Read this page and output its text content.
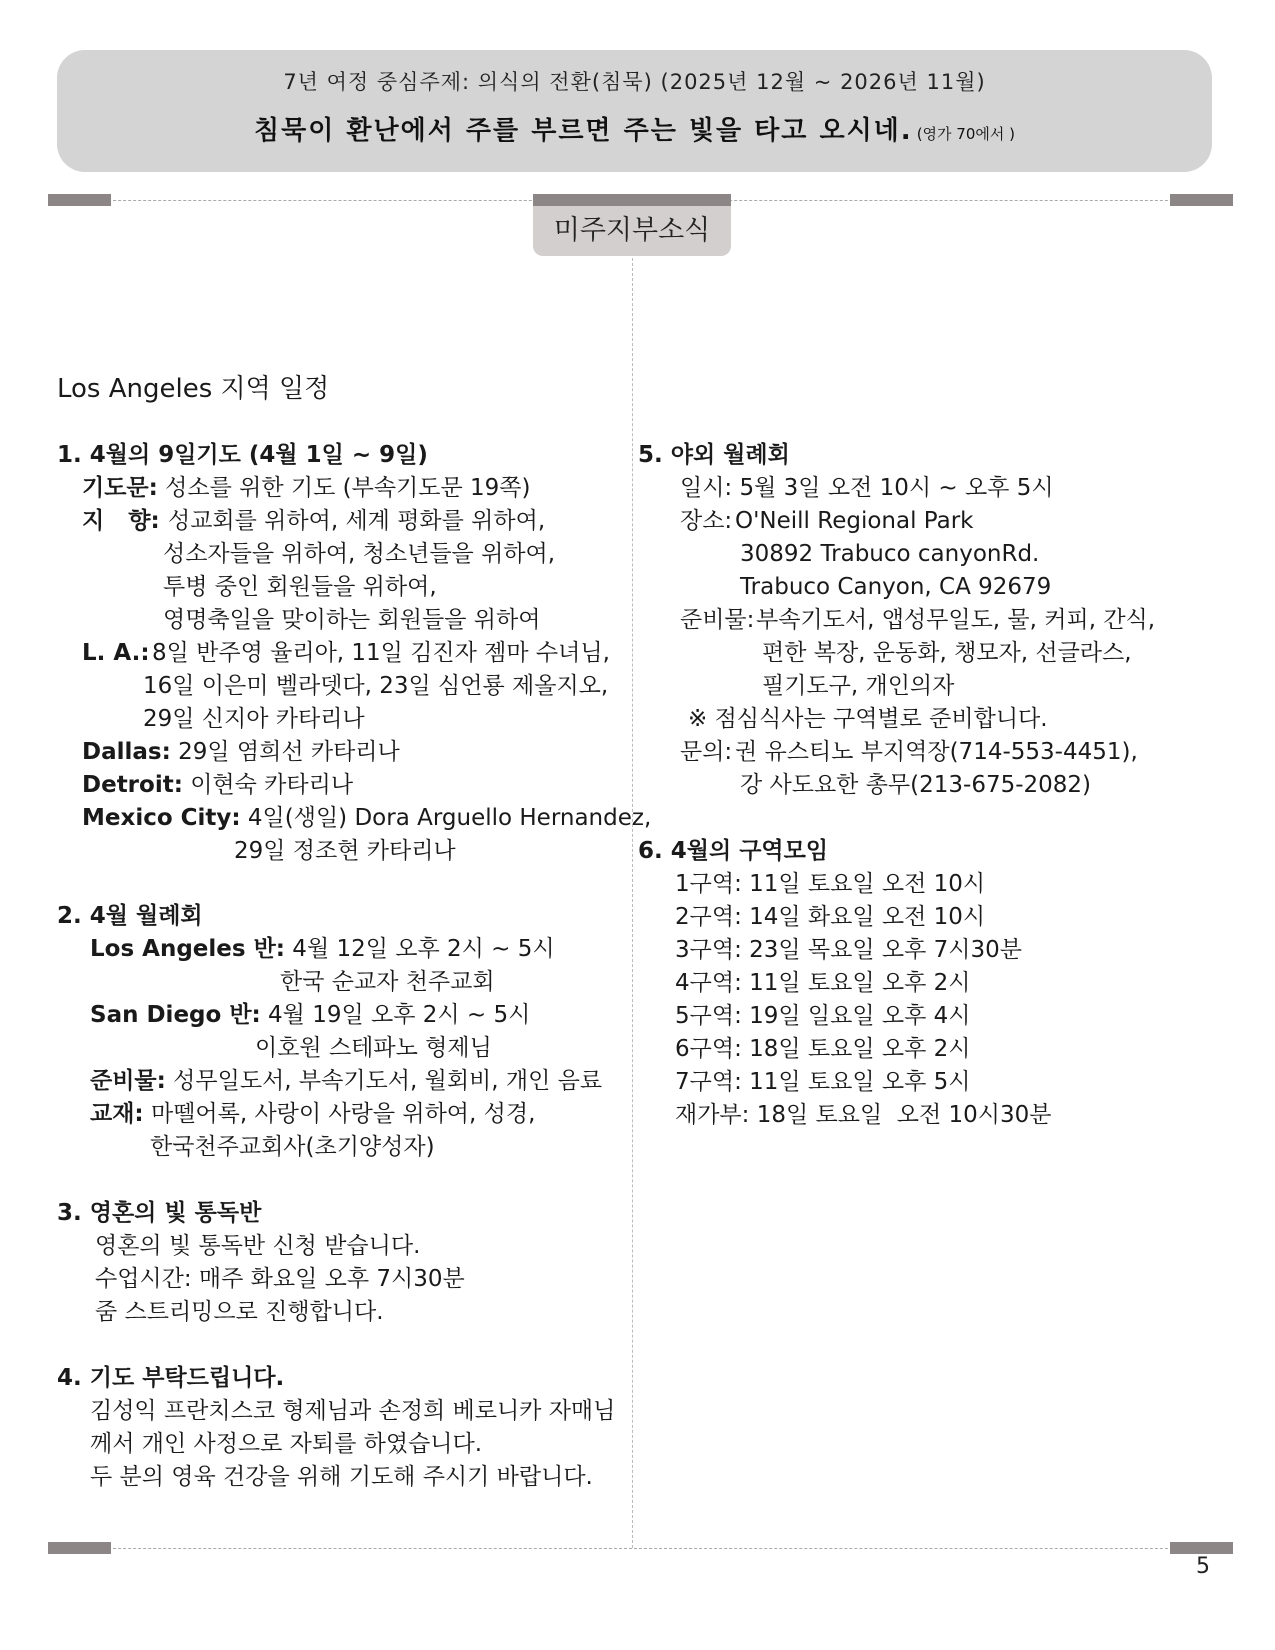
7년 여정 중심주제: 의식의 전환(침묵) (2025년 12월 ~ 2026년 11월)
침묵이 환난에서 주를 부르면 주는 빛을 타고 오시네. (영가 70에서 )
미주지부소식
5
Los Angeles 지역 일정
1. 4월의 9일기도 (4월 1일 ~ 9일)
기도문: 성소를 위한 기도 (부속기도문 19쪽)
지   향: 성교회를 위하여, 세계 평화를 위하여,
성소자들을 위하여, 청소년들을 위하여,
투병 중인 회원들을 위하여,
영명축일을 맞이하는 회원들을 위하여
L. A.: 8일 반주영 율리아, 11일 김진자 젬마 수녀님,
16일 이은미 벨라뎃다, 23일 심언룡 제올지오,
29일 신지아 카타리나
Dallas: 29일 염희선 카타리나
Detroit: 이현숙 카타리나
Mexico City: 4일(생일) Dora Arguello Hernandez,
29일 정조현 카타리나
2. 4월 월례회
Los Angeles 반: 4월 12일 오후 2시 ~ 5시
한국 순교자 천주교회
San Diego 반: 4월 19일 오후 2시 ~ 5시
이호원 스테파노 형제님
준비물: 성무일도서, 부속기도서, 월회비, 개인 음료
교재: 마뗄어록, 사랑이 사랑을 위하여, 성경,
한국천주교회사(초기양성자)
3. 영혼의 빛 통독반
영혼의 빛 통독반 신청 받습니다.
수업시간: 매주 화요일 오후 7시30분
줌 스트리밍으로 진행합니다.
4. 기도 부탁드립니다.
김성익 프란치스코 형제님과 손정희 베로니카 자매님
께서 개인 사정으로 자퇴를 하였습니다.
두 분의 영육 건강을 위해 기도해 주시기 바랍니다.
5. 야외 월례회
일시: 5월 3일 오전 10시 ~ 오후 5시
장소: O'Neill Regional Park
30892 Trabuco canyonRd.
Trabuco Canyon, CA 92679
준비물: 부속기도서, 앱성무일도, 물, 커피, 간식,
편한 복장, 운동화, 챙모자, 선글라스,
필기도구, 개인의자
※ 점심식사는 구역별로 준비합니다.
문의: 권 유스티노 부지역장(714-553-4451),
강 사도요한 총무(213-675-2082)
6. 4월의 구역모임
1구역: 11일 토요일 오전 10시
2구역: 14일 화요일 오전 10시
3구역: 23일 목요일 오후 7시30분
4구역: 11일 토요일 오후 2시
5구역: 19일 일요일 오후 4시
6구역: 18일 토요일 오후 2시
7구역: 11일 토요일 오후 5시
재가부: 18일 토요일  오전 10시30분
